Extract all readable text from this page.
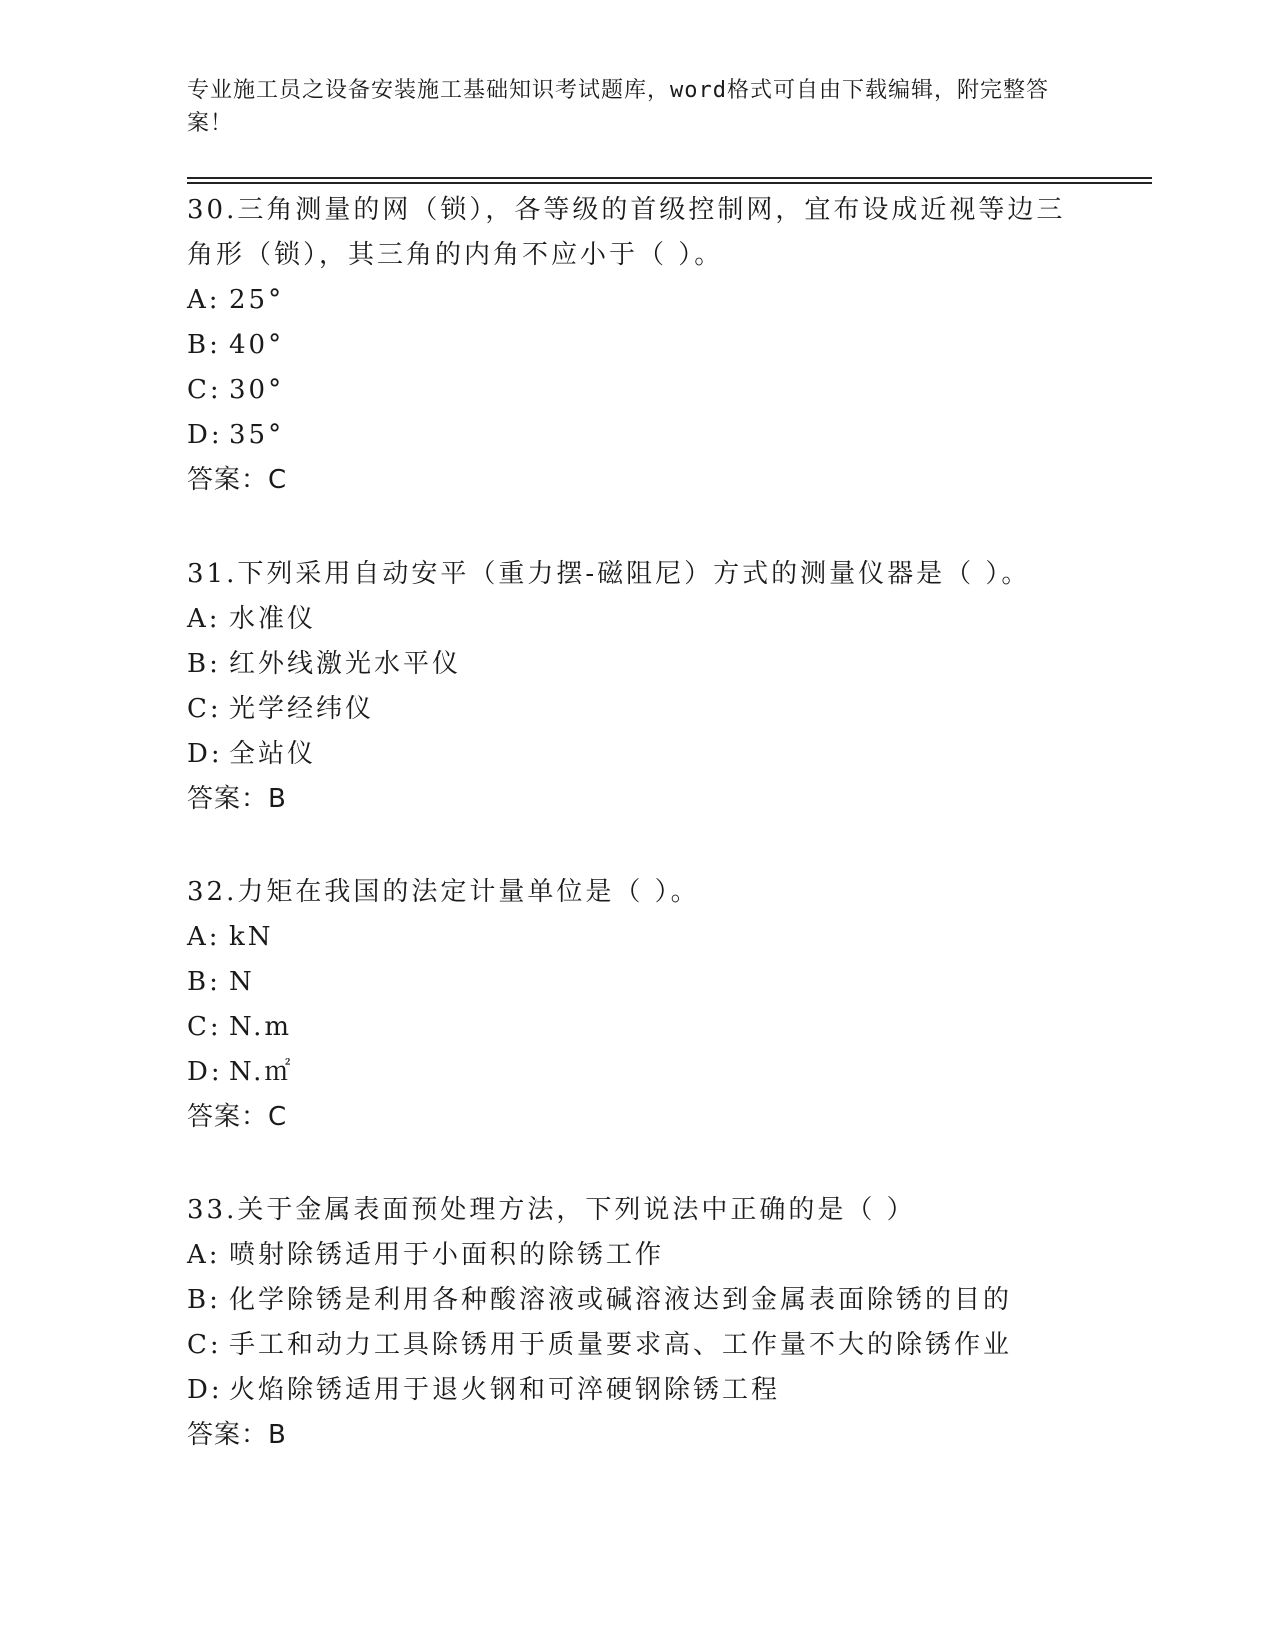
专业施工员之设备安装施工基础知识考试题库，word格式可自由下载编辑，附完整答案！

30.三角测量的网（锁），各等级的首级控制网，宜布设成近视等边三角形（锁），其三角的内角不应小于（ ）。

A: 25°

B: 40°

C: 30°

D: 35°

答案：C

31.下列采用自动安平（重力摆-磁阻尼）方式的测量仪器是（ ）。

A: 水准仪

B: 红外线激光水平仪

C: 光学经纬仪

D: 全站仪

答案：B

32.力矩在我国的法定计量单位是（ ）。

A: kN

B: N

C: N.m

D: N.㎡

答案：C

33.关于金属表面预处理方法，下列说法中正确的是（ ）

A: 喷射除锈适用于小面积的除锈工作

B: 化学除锈是利用各种酸溶液或碱溶液达到金属表面除锈的目的

C: 手工和动力工具除锈用于质量要求高、工作量不大的除锈作业

D: 火焰除锈适用于退火钢和可淬硬钢除锈工程

答案：B
